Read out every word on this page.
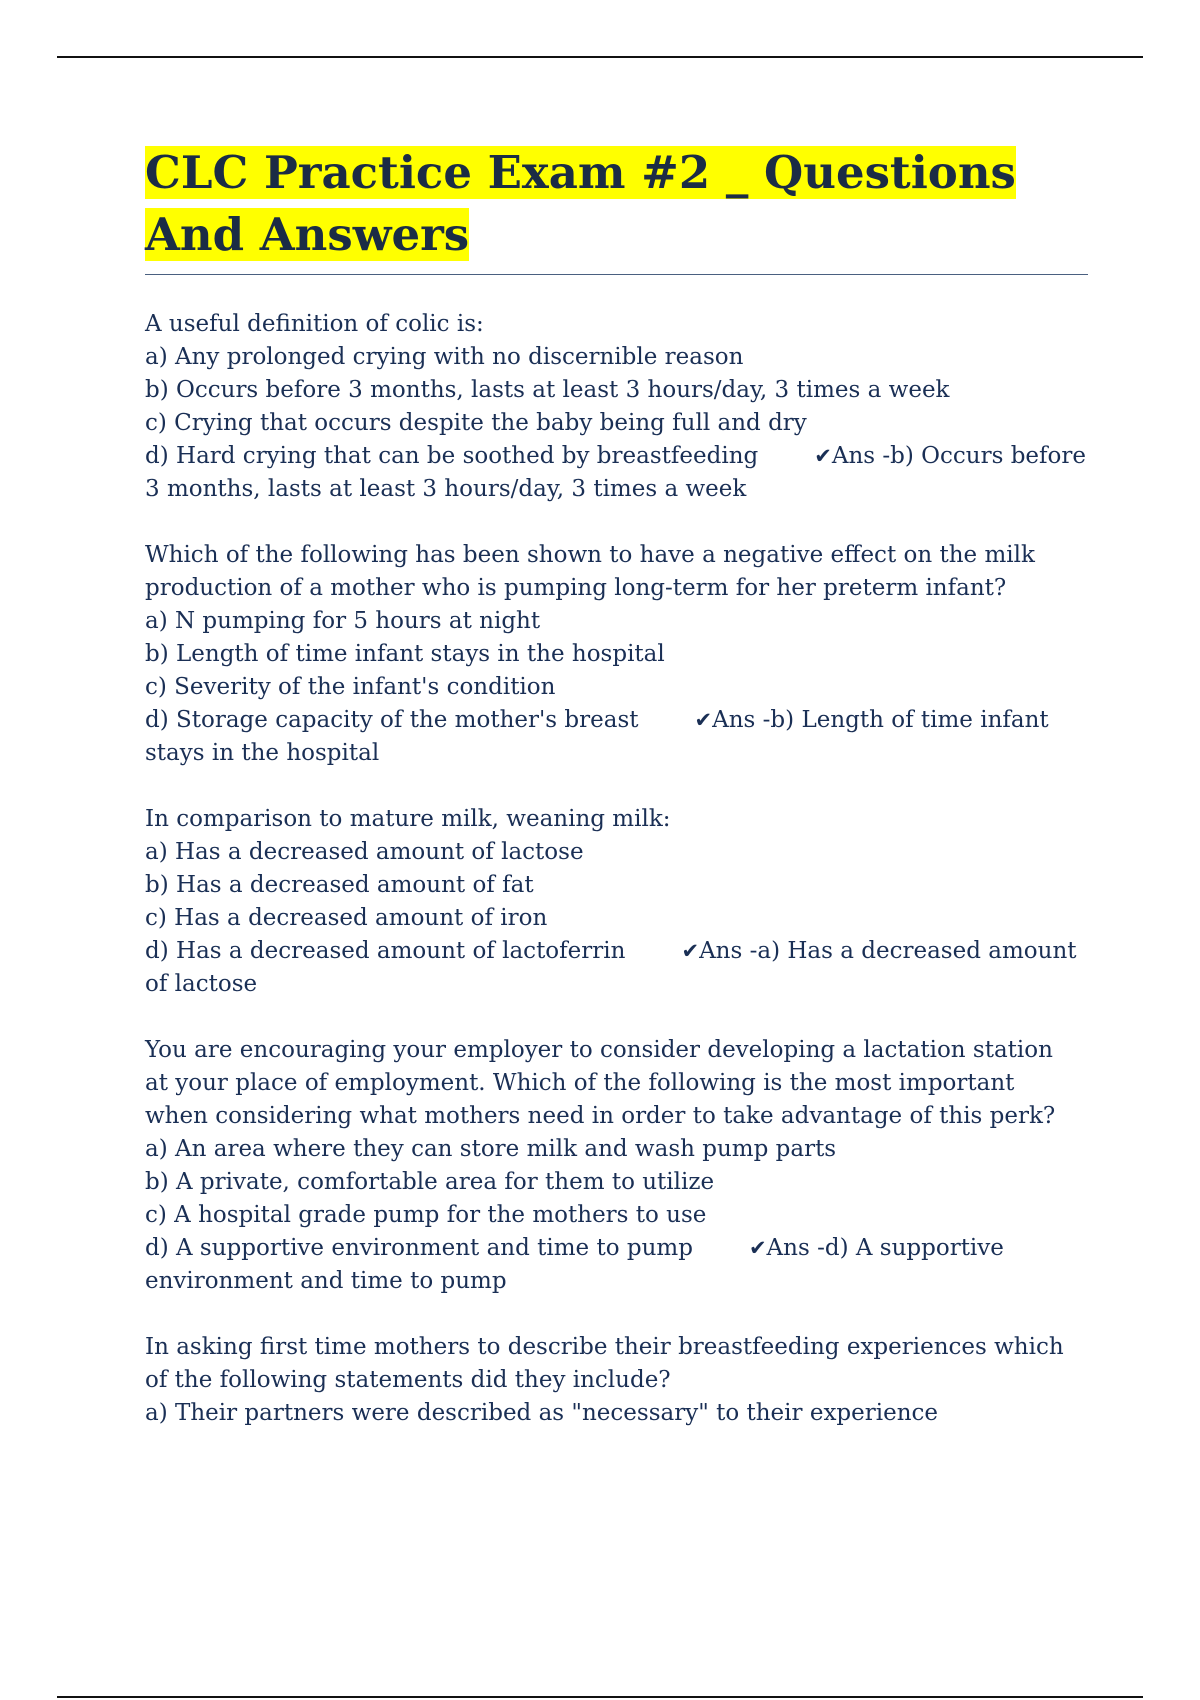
CLC Practice Exam #2 _ Questions And Answers

A useful definition of colic is:

a) Any prolonged crying with no discernible reason

b) Occurs before 3 months, lasts at least 3 hours/day, 3 times a week

c) Crying that occurs despite the baby being full and dry

d) Hard crying that can be soothed by breastfeeding	✔Ans -b) Occurs before 3 months, lasts at least 3 hours/day, 3 times a week

Which of the following has been shown to have a negative effect on the milk

production of a mother who is pumping long-term for her preterm infant?

a) N pumping for 5 hours at night

b) Length of time infant stays in the hospital

c) Severity of the infant's condition

d) Storage capacity of the mother's breast	✔Ans -b) Length of time infant stays in the hospital

In comparison to mature milk, weaning milk:

a) Has a decreased amount of lactose

b) Has a decreased amount of fat

c) Has a decreased amount of iron

d) Has a decreased amount of lactoferrin	✔Ans -a) Has a decreased amount of lactose

You are encouraging your employer to consider developing a lactation station

at your place of employment. Which of the following is the most important

when considering what mothers need in order to take advantage of this perk?

a) An area where they can store milk and wash pump parts

b) A private, comfortable area for them to utilize

c) A hospital grade pump for the mothers to use

d) A supportive environment and time to pump	✔Ans -d) A supportive environment and time to pump

In asking first time mothers to describe their breastfeeding experiences which

of the following statements did they include?

a) Their partners were described as "necessary" to their experience
